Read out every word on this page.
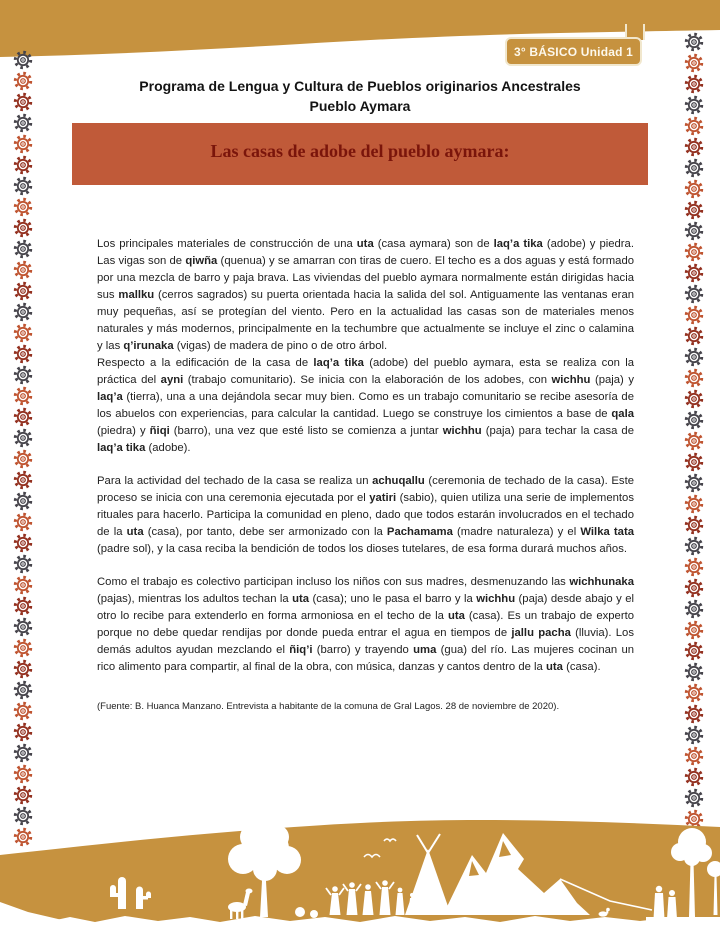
3° BÁSICO Unidad 1
Programa de Lengua y Cultura de Pueblos originarios Ancestrales
Pueblo Aymara
Las casas de adobe del pueblo aymara:

Los principales materiales de construcción de una uta (casa aymara) son de laq’a tika (adobe) y piedra. Las vigas son de qiwña (quenua) y se amarran con tiras de cuero. El techo es a dos aguas y está formado por una mezcla de barro y paja brava. Las viviendas del pueblo aymara normalmente están dirigidas hacia sus mallku (cerros sagrados) su puerta orientada hacia la salida del sol. Antiguamente las ventanas eran muy pequeñas, así se protegían del viento. Pero en la actualidad las casas son de materiales menos naturales y más modernos, principalmente en la techumbre que actualmente se incluye el zinc o calamina y las q’irunaka (vigas) de madera de pino o de otro árbol.

Respecto a la edificación de la casa de laq’a tika (adobe) del pueblo aymara, esta se realiza con la práctica del ayni (trabajo comunitario). Se inicia con la elaboración de los adobes, con wichhu (paja) y laq’a (tierra), una a una dejándola secar muy bien. Como es un trabajo comunitario se recibe asesoría de los abuelos con experiencias, para calcular la cantidad. Luego se construye los cimientos a base de qala (piedra) y ñiqi (barro), una vez que esté listo se comienza a juntar wichhu (paja) para techar la casa de laq’a tika (adobe).

Para la actividad del techado de la casa se realiza un achuqallu (ceremonia de techado de la casa). Este proceso se inicia con una ceremonia ejecutada por el yatiri (sabio), quien utiliza una serie de implementos rituales para hacerlo. Participa la comunidad en pleno, dado que todos estarán involucrados en el techado de la uta (casa), por tanto, debe ser armonizado con la Pachamama (madre naturaleza) y el Wilka tata (padre sol), y la casa reciba la bendición de todos los dioses tutelares, de esa forma durará muchos años.

Como el trabajo es colectivo participan incluso los niños con sus madres, desmenuzando las wichhunaka (pajas), mientras los adultos techan la uta (casa); uno le pasa el barro y la wichhu (paja) desde abajo y el otro lo recibe para extenderlo en forma armoniosa en el techo de la uta (casa). Es un trabajo de experto porque no debe quedar rendijas por donde pueda entrar el agua en tiempos de jallu pacha (lluvia). Los demás adultos ayudan mezclando el ñiq’i (barro) y trayendo uma (gua) del río. Las mujeres cocinan un rico alimento para compartir, al final de la obra, con música, danzas y cantos dentro de la uta (casa).

(Fuente: B. Huanca Manzano. Entrevista a habitante de la comuna de Gral Lagos. 28 de noviembre de 2020).
